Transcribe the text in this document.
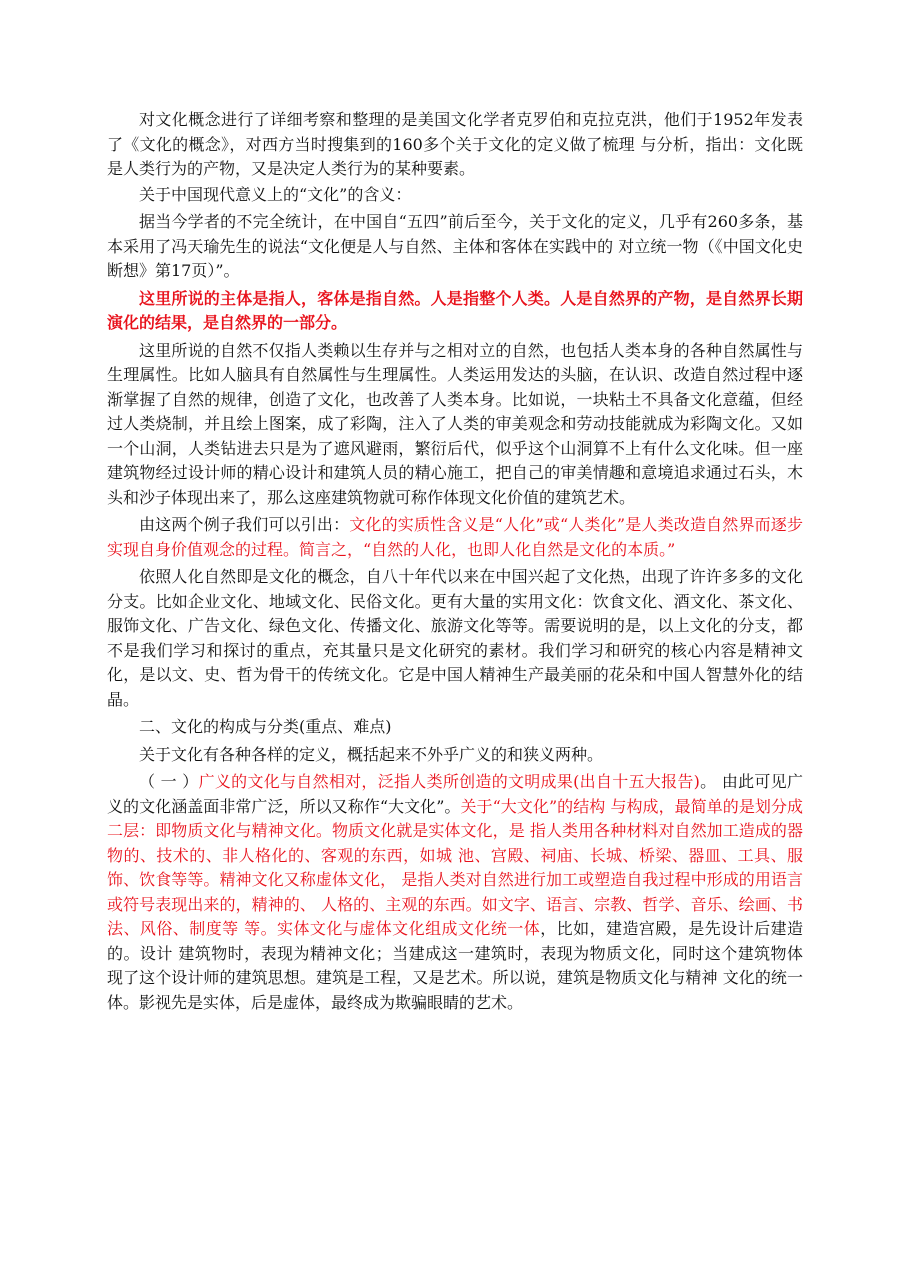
对文化概念进行了详细考察和整理的是美国文化学者克罗伯和克拉克洪，他们于1952年发表了《文化的概念》，对西方当时搜集到的160多个关于文化的定义做了梳理 与分析，指出：文化既是人类行为的产物，又是决定人类行为的某种要素。

关于中国现代意义上的“文化”的含义：

据当今学者的不完全统计，在中国自“五四”前后至今，关于文化的定义，几乎有260多条，基本采用了冯天瑜先生的说法“文化便是人与自然、主体和客体在实践中的 对立统一物（《中国文化史断想》第17页）”。

这里所说的主体是指人，客体是指自然。人是指整个人类。人是自然界的产物，是自然界长期演化的结果，是自然界的一部分。

这里所说的自然不仅指人类赖以生存并与之相对立的自然，也包括人类本身的各种自然属性与生理属性。比如人脑具有自然属性与生理属性。人类运用发达的头脑，在认识、改造自然过程中逐渐掌握了自然的规律，创造了文化，也改善了人类本身。比如说，一块粘土不具备文化意蕴，但经过人类烧制，并且绘上图案，成了彩陶，注入了人类的审美观念和劳动技能就成为彩陶文化。又如一个山洞，人类钻进去只是为了遮风避雨，繁衍后代，似乎这个山洞算不上有什么文化味。但一座建筑物经过设计师的精心设计和建筑人员的精心施工，把自己的审美情趣和意境追求通过石头，木头和沙子体现出来了，那么这座建筑物就可称作体现文化价值的建筑艺术。

由这两个例子我们可以引出：文化的实质性含义是“人化”或“人类化”是人类改造自然界而逐步实现自身价值观念的过程。简言之，“自然的人化，也即人化自然是文化的本质。”

依照人化自然即是文化的概念，自八十年代以来在中国兴起了文化热，出现了许许多多的文化分支。比如企业文化、地域文化、民俗文化。更有大量的实用文化：饮食文化、酒文化、茶文化、服饰文化、广告文化、绿色文化、传播文化、旅游文化等等。需要说明的是，以上文化的分支，都不是我们学习和探讨的重点，充其量只是文化研究的素材。我们学习和研究的核心内容是精神文化，是以文、史、哲为骨干的传统文化。它是中国人精神生产最美丽的花朵和中国人智慧外化的结晶。

二、文化的构成与分类(重点、难点)

关于文化有各种各样的定义，概括起来不外乎广义的和狭义两种。

（ 一 ）广义的文化与自然相对，泛指人类所创造的文明成果(出自十五大报告)。 由此可见广义的文化涵盖面非常广泛，所以又称作“大文化”。关于“大文化”的结构 与构成，最简单的是划分成二层：即物质文化与精神文化。物质文化就是实体文化，是 指人类用各种材料对自然加工造成的器物的、技术的、非人格化的、客观的东西，如城 池、宫殿、祠庙、长城、桥梁、器皿、工具、服饰、饮食等等。精神文化又称虚体文化， 是指人类对自然进行加工或塑造自我过程中形成的用语言或符号表现出来的，精神的、 人格的、主观的东西。如文字、语言、宗教、哲学、音乐、绘画、书法、风俗、制度等 等。实体文化与虚体文化组成文化统一体，比如，建造宫殿，是先设计后建造的。设计 建筑物时，表现为精神文化；当建成这一建筑时，表现为物质文化，同时这个建筑物体 现了这个设计师的建筑思想。建筑是工程，又是艺术。所以说，建筑是物质文化与精神 文化的统一体。影视先是实体，后是虚体，最终成为欺骗眼睛的艺术。
